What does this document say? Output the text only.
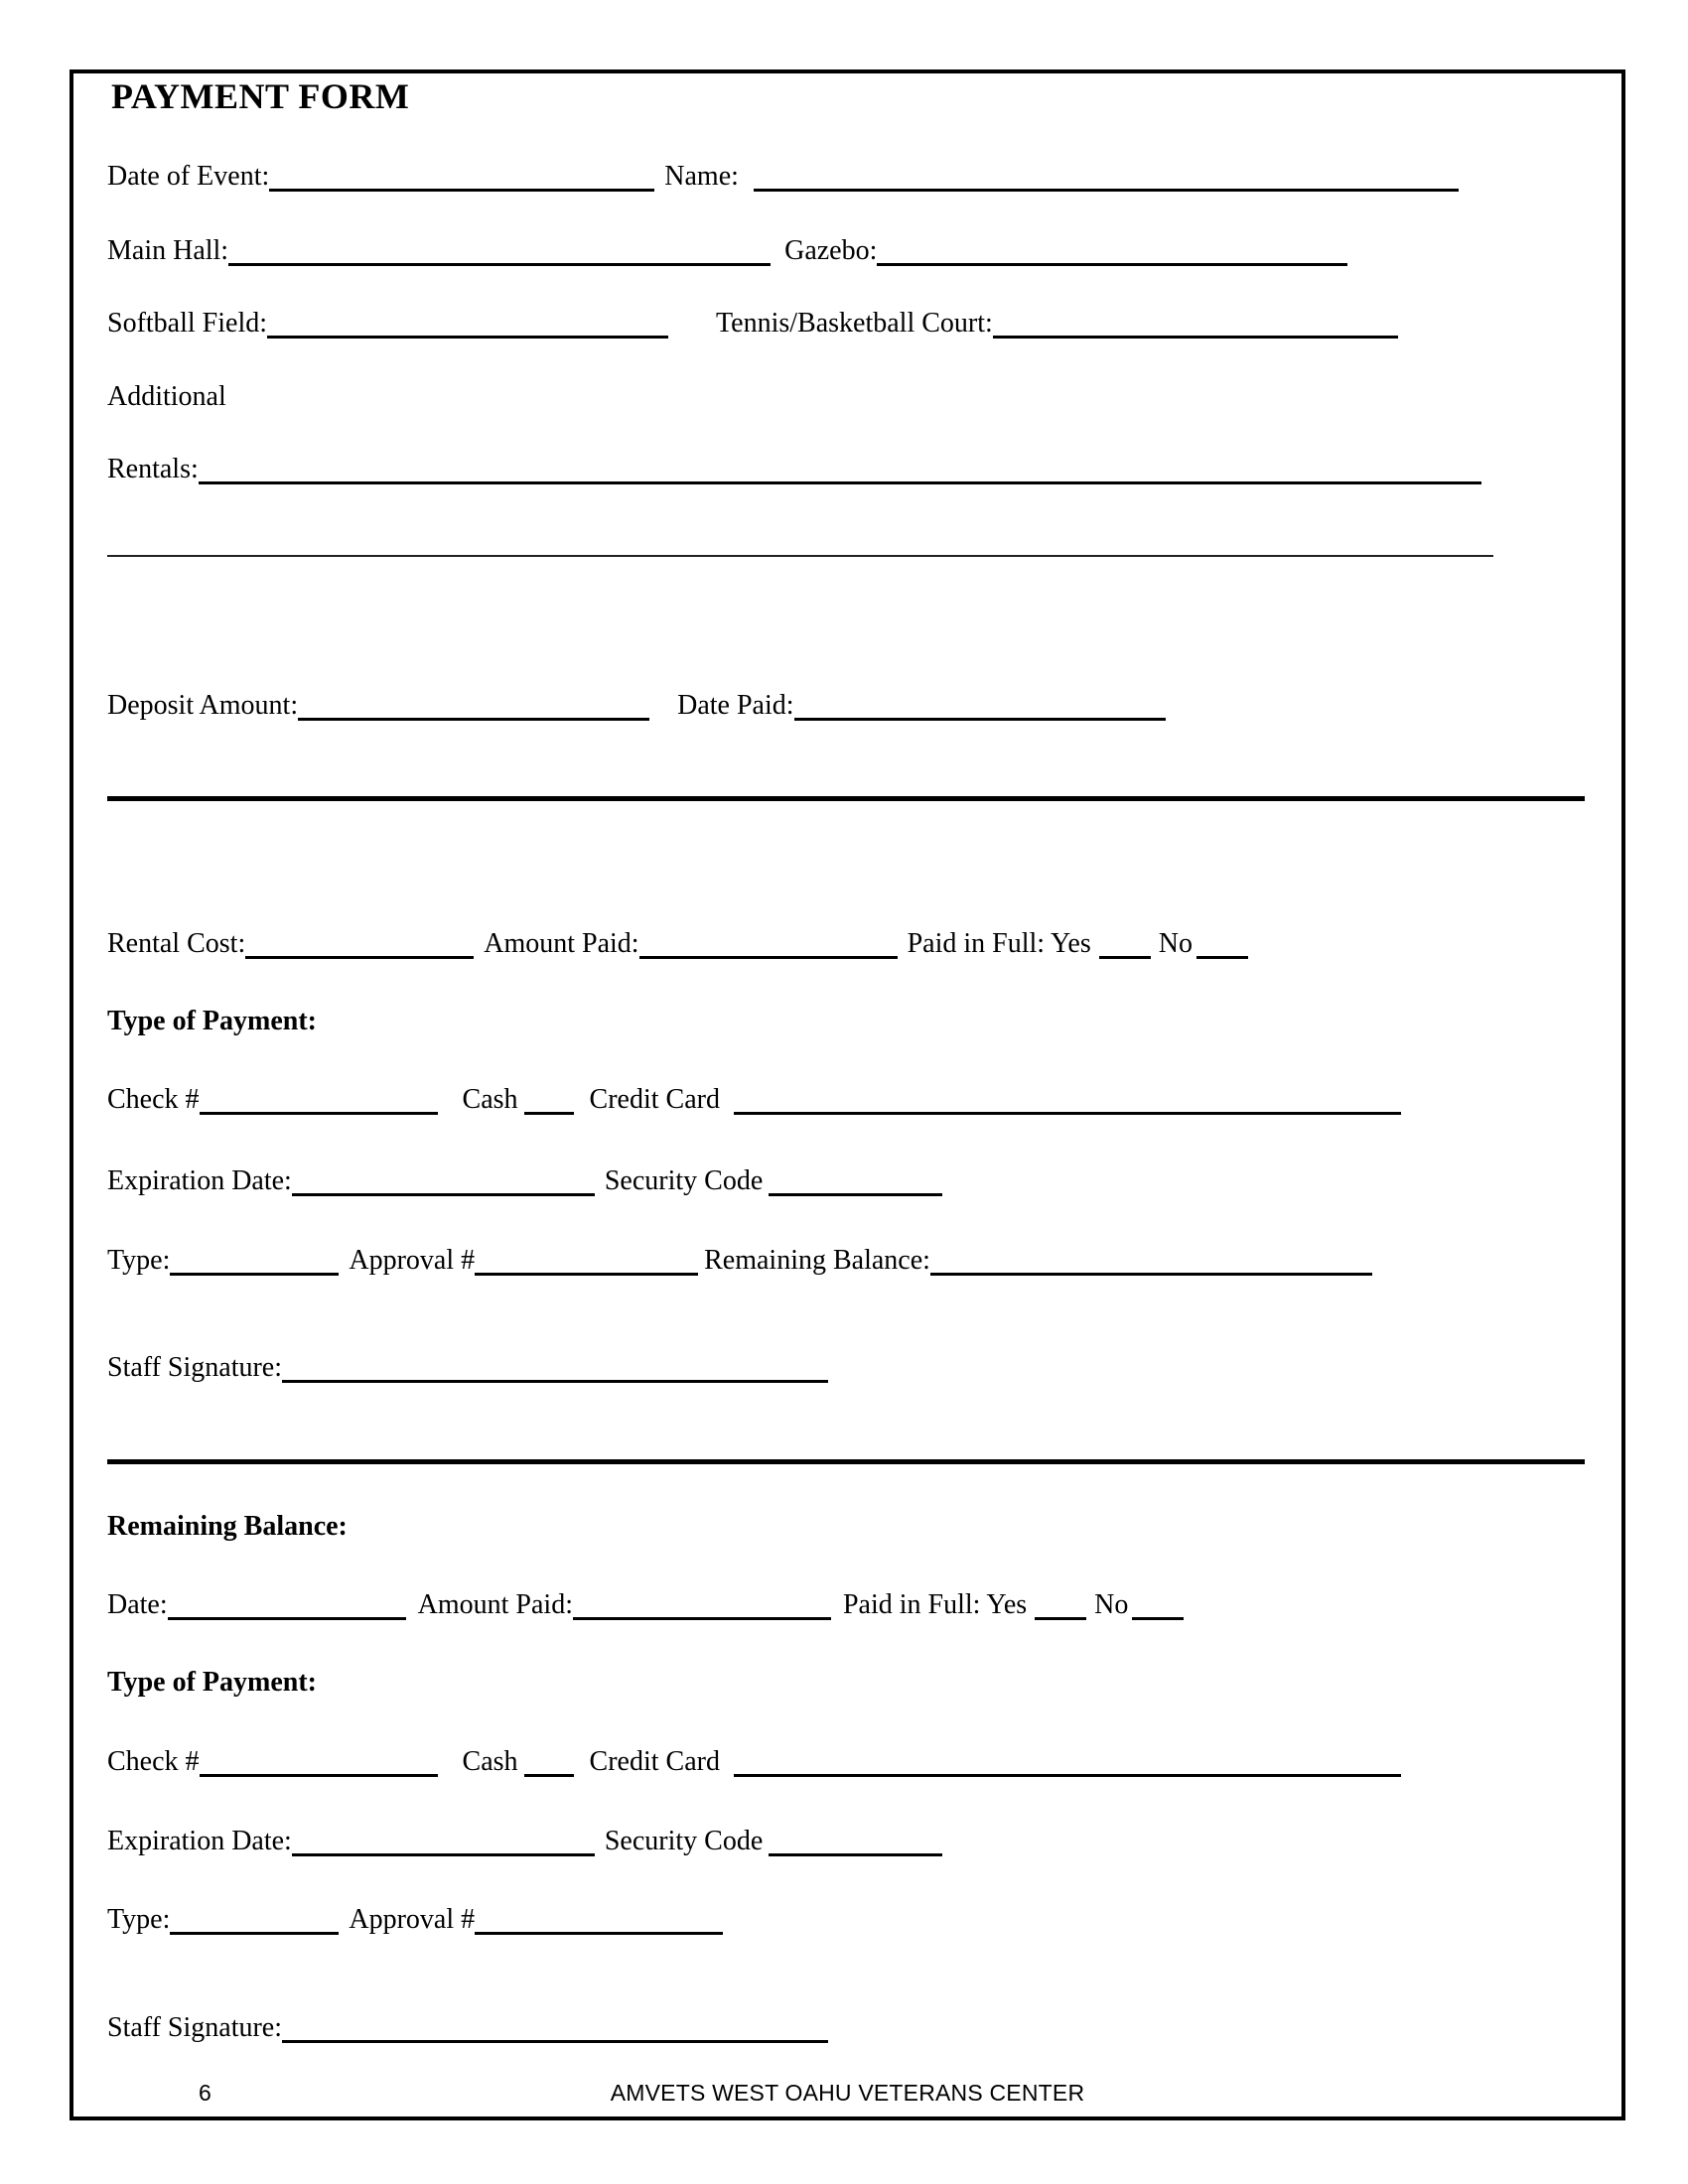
PAYMENT FORM
Date of Event:	Name:
Main Hall:	Gazebo:
Softball Field:	Tennis/Basketball Court:
Additional
Rentals:
Deposit Amount:	Date Paid:
Rental Cost:	Amount Paid:	Paid in Full: Yes No
Type of Payment:
Check #	Cash	Credit Card
Expiration Date:	Security Code
Type:	Approval #	Remaining Balance:
Staff Signature:
Remaining Balance:
Date:	Amount Paid:	Paid in Full: Yes No
Type of Payment:
Check #	Cash	Credit Card
Expiration Date:	Security Code
Type:	Approval #
Staff Signature:
6	AMVETS WEST OAHU VETERANS CENTER
